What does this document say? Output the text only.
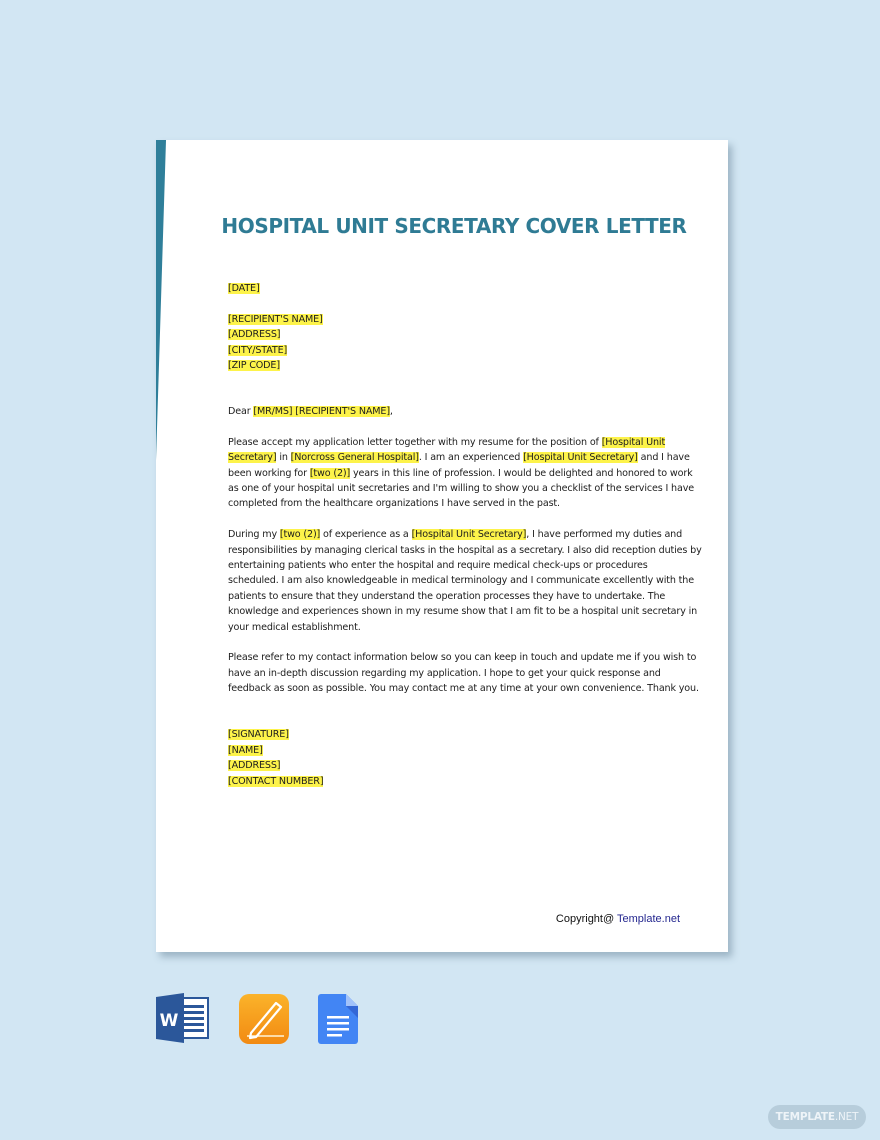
HOSPITAL UNIT SECRETARY COVER LETTER
[DATE]
[RECIPIENT'S NAME]
[ADDRESS]
[CITY/STATE]
[ZIP CODE]
Dear [MR/MS] [RECIPIENT'S NAME],
Please accept my application letter together with my resume for the position of [Hospital Unit
Secretary] in [Norcross General Hospital]. I am an experienced [Hospital Unit Secretary] and I have
been working for [two (2)] years in this line of profession. I would be delighted and honored to work
as one of your hospital unit secretaries and I'm willing to show you a checklist of the services I have
completed from the healthcare organizations I have served in the past.
During my [two (2)] of experience as a [Hospital Unit Secretary], I have performed my duties and
responsibilities by managing clerical tasks in the hospital as a secretary. I also did reception duties by
entertaining patients who enter the hospital and require medical check-ups or procedures
scheduled. I am also knowledgeable in medical terminology and I communicate excellently with the
patients to ensure that they understand the operation processes they have to undertake. The
knowledge and experiences shown in my resume show that I am fit to be a hospital unit secretary in
your medical establishment.
Please refer to my contact information below so you can keep in touch and update me if you wish to
have an in-depth discussion regarding my application. I hope to get your quick response and
feedback as soon as possible. You may contact me at any time at your own convenience. Thank you.
[SIGNATURE]
[NAME]
[ADDRESS]
[CONTACT NUMBER]
Copyright@ Template.net
W
TEMPLATE.NET
